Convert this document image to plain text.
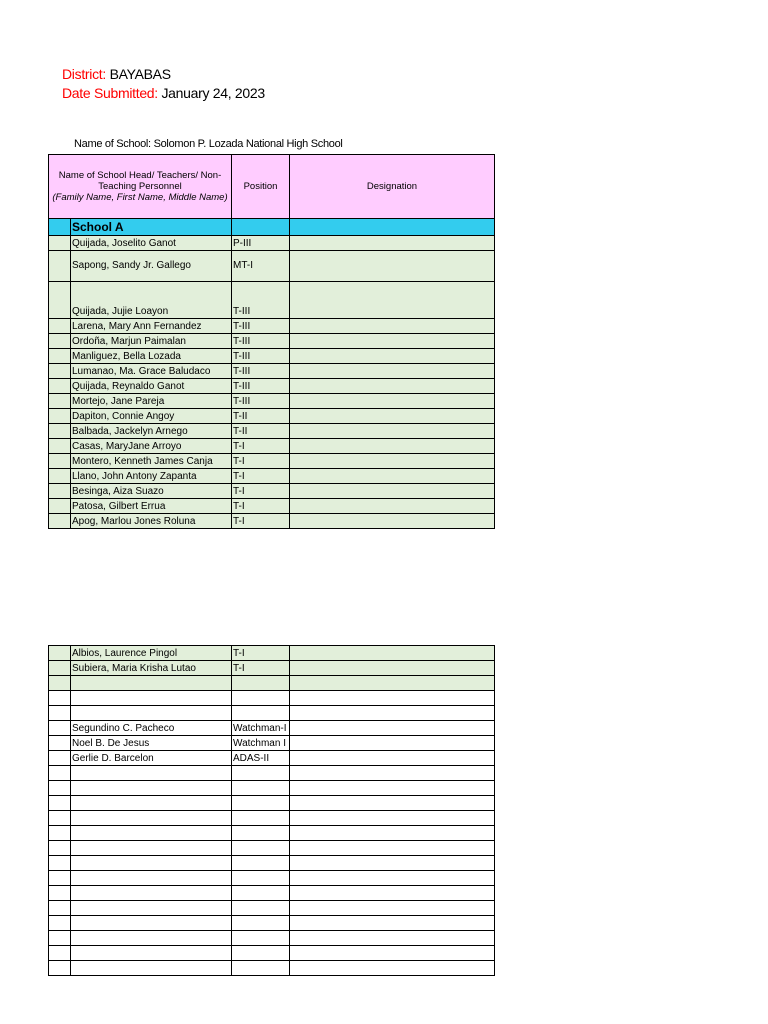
District: BAYABAS
Date Submitted: January 24, 2023
Name of School: Solomon P. Lozada National High School
Name of School Head/ Teachers/ Non-Teaching Personnel
(Family Name, First Name, Middle Name)		Position	Designation
	School A		
	Quijada, Joselito Ganot	P-III	
	Sapong, Sandy Jr. Gallego	MT-I	
	Quijada, Jujie Loayon	T-III	
	Larena, Mary Ann Fernandez	T-III	
	Ordoña, Marjun Paimalan	T-III	
	Manliguez, Bella Lozada	T-III	
	Lumanao, Ma. Grace Baludaco	T-III	
	Quijada, Reynaldo Ganot	T-III	
	Mortejo, Jane Pareja	T-III	
	Dapiton, Connie Angoy	T-II	
	Balbada, Jackelyn Arnego	T-II	
	Casas, MaryJane Arroyo	T-I	
	Montero, Kenneth James Canja	T-I	
	Llano, John Antony Zapanta	T-I	
	Besinga, Aiza Suazo	T-I	
	Patosa, Gilbert Errua	T-I	
	Apog, Marlou Jones Roluna	T-I	
	Albios, Laurence Pingol	T-I	
	Subiera, Maria Krisha Lutao	T-I	

	Segundino C. Pacheco	Watchman-I	
	Noel B. De Jesus	Watchman I	
	Gerlie D. Barcelon	ADAS-II	
